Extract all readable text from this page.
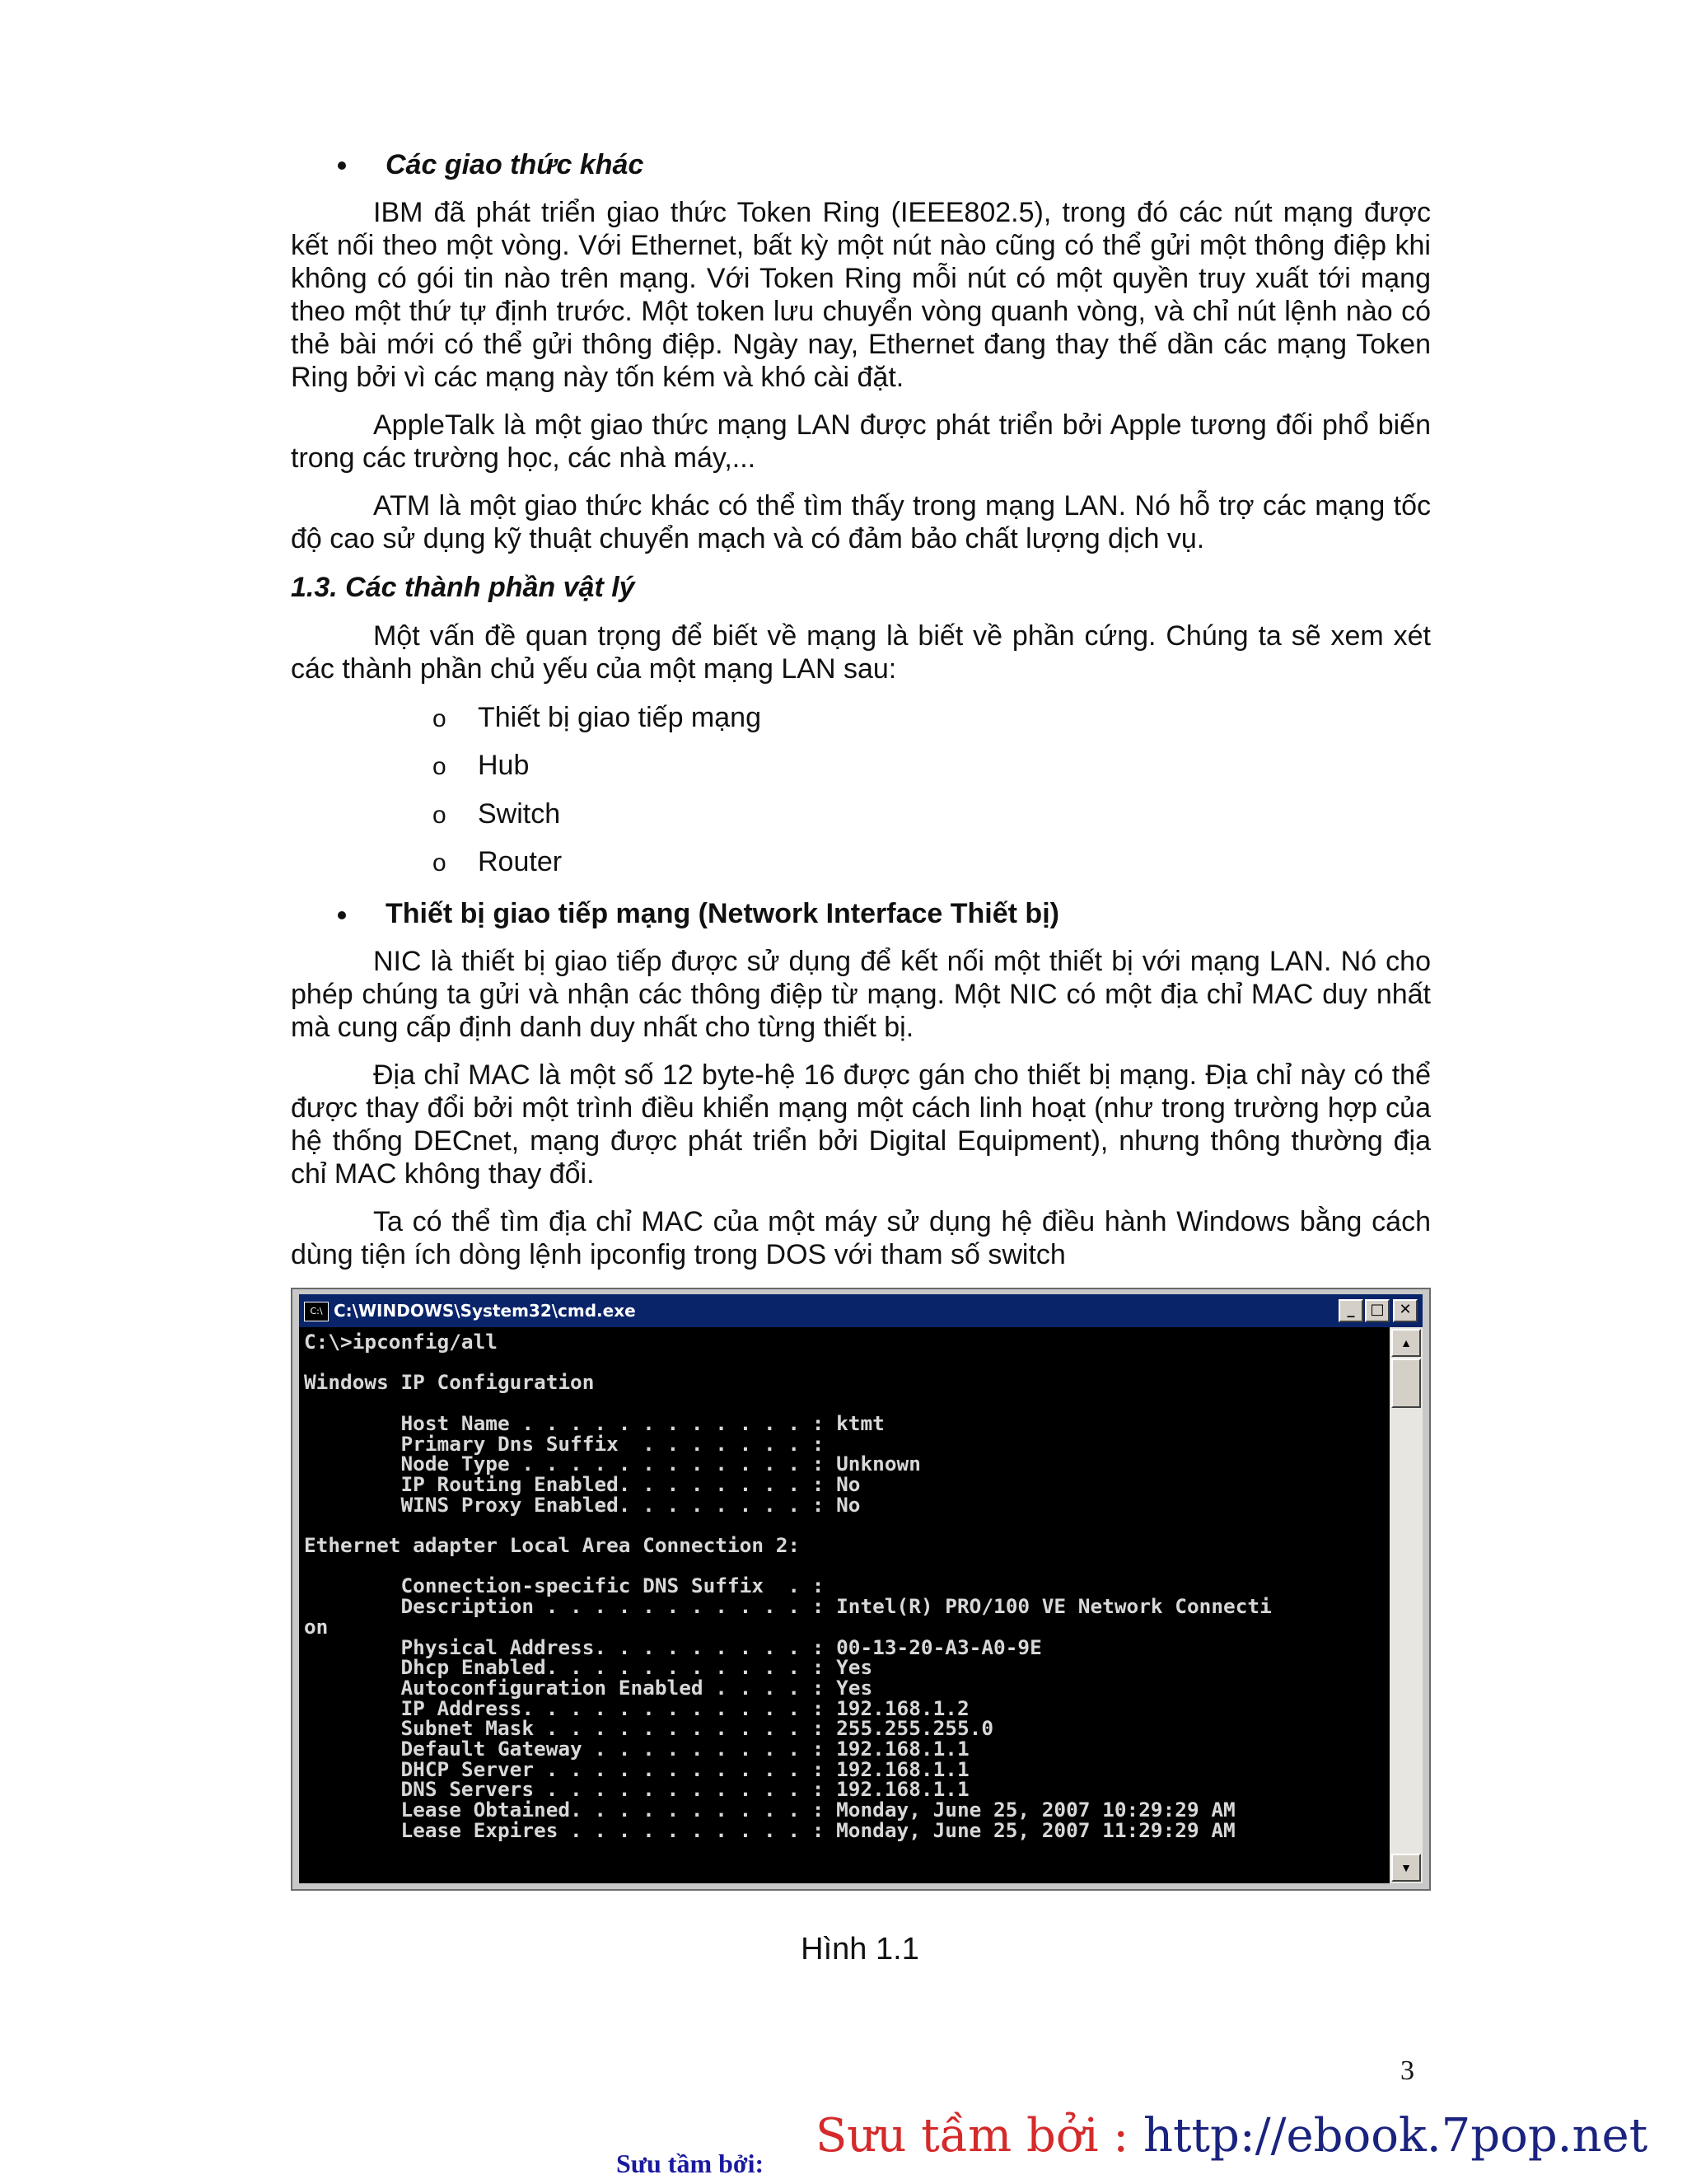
Các giao thức khác
IBM đã phát triển giao thức Token Ring (IEEE802.5), trong đó các nút mạng được kết nối theo một vòng. Với Ethernet, bất kỳ một nút nào cũng có thể gửi một thông điệp khi không có gói tin nào trên mạng. Với Token Ring mỗi nút có một quyền truy xuất tới mạng theo một thứ tự định trước. Một token lưu chuyển vòng quanh vòng, và chỉ nút lệnh nào có thẻ bài mới có thể gửi thông điệp. Ngày nay, Ethernet đang thay thế dần các mạng Token Ring bởi vì các mạng này tốn kém và khó cài đặt.
AppleTalk là một giao thức mạng LAN được phát triển bởi Apple tương đối phổ biến trong các trường học, các nhà máy,...
ATM là một giao thức khác có thể tìm thấy trong mạng LAN. Nó hỗ trợ các mạng tốc độ cao sử dụng kỹ thuật chuyển mạch và có đảm bảo chất lượng dịch vụ.
1.3. Các thành phần vật lý
Một vấn đề quan trọng để biết về mạng là biết về phần cứng. Chúng ta sẽ xem xét các thành phần chủ yếu của một mạng LAN sau:
o Thiết bị giao tiếp mạng
o Hub
o Switch
o Router
Thiết bị giao tiếp mạng (Network Interface Thiết bị)
NIC là thiết bị giao tiếp được sử dụng để kết nối một thiết bị với mạng LAN. Nó cho phép chúng ta gửi và nhận các thông điệp từ mạng. Một NIC có một địa chỉ MAC duy nhất mà cung cấp định danh duy nhất cho từng thiết bị.
Địa chỉ MAC là một số 12 byte-hệ 16 được gán cho thiết bị mạng. Địa chỉ này có thể được thay đổi bởi một trình điều khiển mạng một cách linh hoạt (như trong trường hợp của hệ thống DECnet, mạng được phát triển bởi Digital Equipment), nhưng thông thường địa chỉ MAC không thay đổi.
Ta có thể tìm địa chỉ MAC của một máy sử dụng hệ điều hành Windows bằng cách dùng tiện ích dòng lệnh ipconfig trong DOS với tham số switch
C:\ C:\WINDOWS\System32\cmd.exe	_	□ ✕
C:\>ipconfig/all

Windows IP Configuration

Host Name . . . . . . . . . . . . : ktmt
Primary Dns Suffix  . . . . . . . :
Node Type . . . . . . . . . . . . : Unknown
IP Routing Enabled. . . . . . . . : No
WINS Proxy Enabled. . . . . . . . : No

Ethernet adapter Local Area Connection 2:

Connection-specific DNS Suffix  . :
Description . . . . . . . . . . . : Intel(R) PRO/100 VE Network Connecti
on
Physical Address. . . . . . . . . : 00-13-20-A3-A0-9E
Dhcp Enabled. . . . . . . . . . . : Yes
Autoconfiguration Enabled . . . . : Yes
IP Address. . . . . . . . . . . . : 192.168.1.2
Subnet Mask . . . . . . . . . . . : 255.255.255.0
Default Gateway . . . . . . . . . : 192.168.1.1
DHCP Server . . . . . . . . . . . : 192.168.1.1
DNS Servers . . . . . . . . . . . : 192.168.1.1
Lease Obtained. . . . . . . . . . : Monday, June 25, 2007 10:29:29 AM
Lease Expires . . . . . . . . . . : Monday, June 25, 2007 11:29:29 AM
▲
▼
Hình 1.1
3
Sưu tầm bởi : http://ebook.7pop.net
Sưu tầm bởi:
